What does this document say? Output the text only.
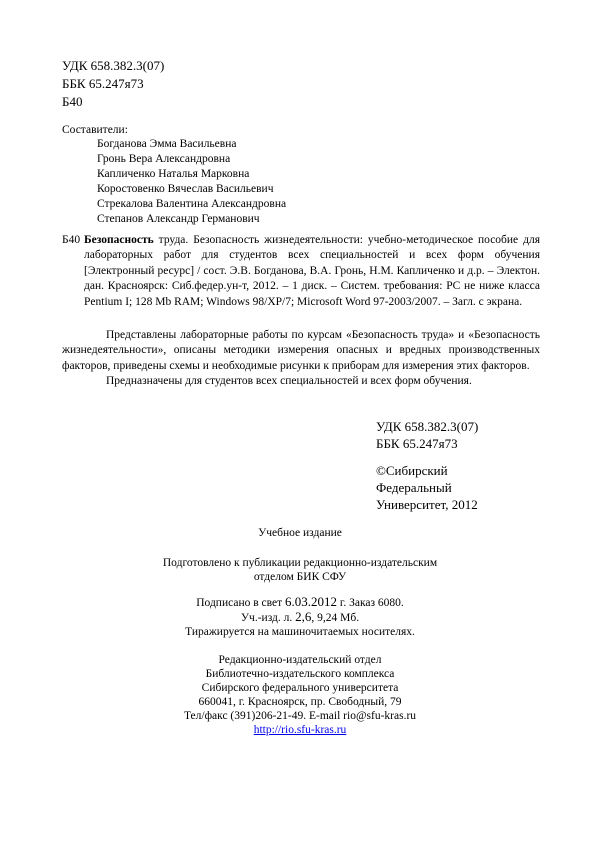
УДК 658.382.3(07)
ББК 65.247я73
Б40
Составители:
Богданова Эмма Васильевна
Гронь Вера Александровна
Капличенко Наталья Марковна
Коростовенко Вячеслав Васильевич
Стрекалова Валентина Александровна
Степанов Александр Германович
Б40 Безопасность труда. Безопасность жизнедеятельности: учебно-методическое пособие для лабораторных работ для студентов всех специальностей и всех форм обучения [Электронный ресурс] / сост. Э.В. Богданова, В.А. Гронь, Н.М. Капличенко и д.р. – Электон. дан. Красноярск: Сиб.федер.ун-т, 2012. – 1 диск. – Систем. требования: PC не ниже класса Pentium I; 128 Mb RAM; Windows 98/XP/7; Microsoft Word 97-2003/2007. – Загл. с экрана.

Представлены лабораторные работы по курсам «Безопасность труда» и «Безопасность жизнедеятельности», описаны методики измерения опасных и вредных производственных факторов, приведены схемы и необходимые рисунки к приборам для измерения этих факторов.

Предназначены для студентов всех специальностей и всех форм обучения.

УДК 658.382.3(07)
ББК 65.247я73
©Сибирский
Федеральный
Университет, 2012
Учебное издание
Подготовлено к публикации редакционно-издательским
отделом БИК СФУ
Подписано в свет 6.03.2012 г. Заказ 6080.
Уч.-изд. л. 2,6, 9,24 Мб.
Тиражируется на машиночитаемых носителях.
Редакционно-издательский отдел
Библиотечно-издательского комплекса
Сибирского федерального университета
660041, г. Красноярск, пр. Свободный, 79
Тел/факс (391)206-21-49. E-mail rio@sfu-kras.ru
http://rio.sfu-kras.ru
